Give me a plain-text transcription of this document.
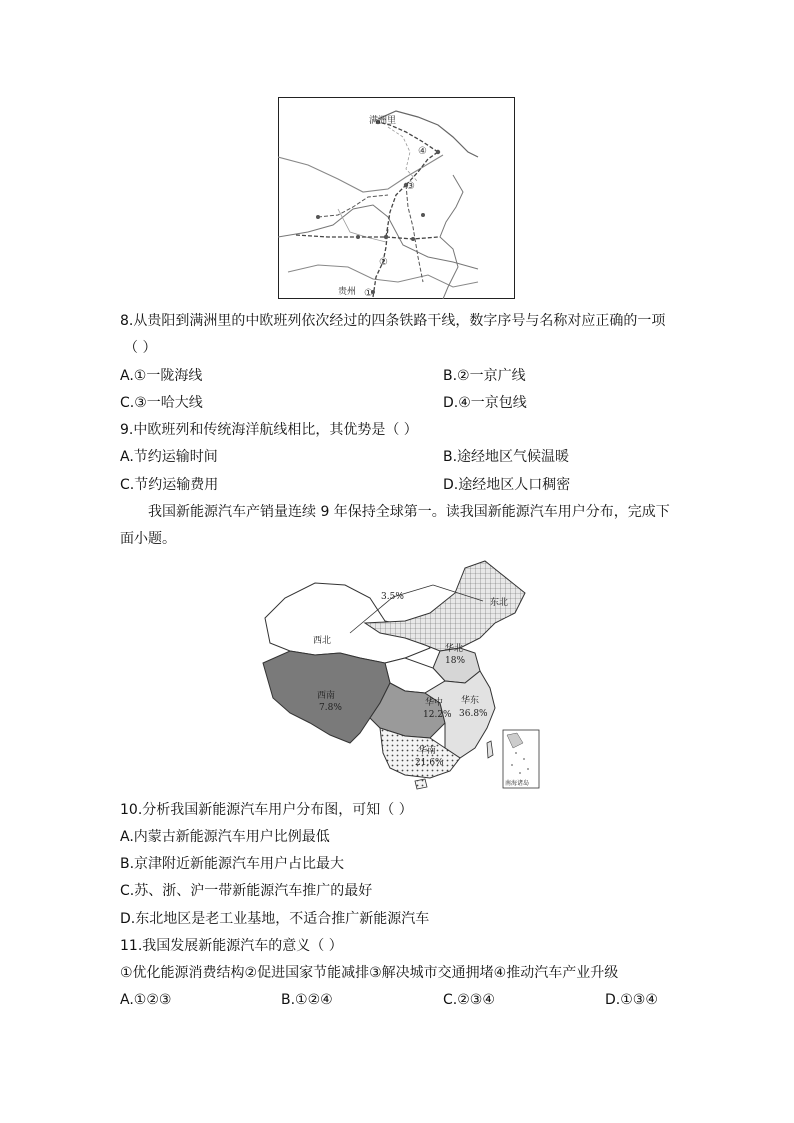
满洲里
贵州 ①
②
③
④
8.从贵阳到满洲里的中欧班列依次经过的四条铁路干线，数字序号与名称对应正确的一项
（ ）
A.①一陇海线	B.②一京广线
C.③一哈大线	D.④一京包线
9.中欧班列和传统海洋航线相比，其优势是（ ）
A.节约运输时间	B.途经地区气候温暖
C.节约运输费用	D.途经地区人口稠密
我国新能源汽车产销量连续 9 年保持全球第一。读我国新能源汽车用户分布，完成下
面小题。
3.5%
东北
西北
华北
18%
西南
7.8%	华中
12.2%
华东
36.8%
华南
21.6%
南海诸岛
10.分析我国新能源汽车用户分布图，可知（ ）
A.内蒙古新能源汽车用户比例最低
B.京津附近新能源汽车用户占比最大
C.苏、浙、沪一带新能源汽车推广的最好
D.东北地区是老工业基地，不适合推广新能源汽车
11.我国发展新能源汽车的意义（ ）
①优化能源消费结构②促进国家节能减排③解决城市交通拥堵④推动汽车产业升级
A.①②③	B.①②④	C.②③④	D.①③④
